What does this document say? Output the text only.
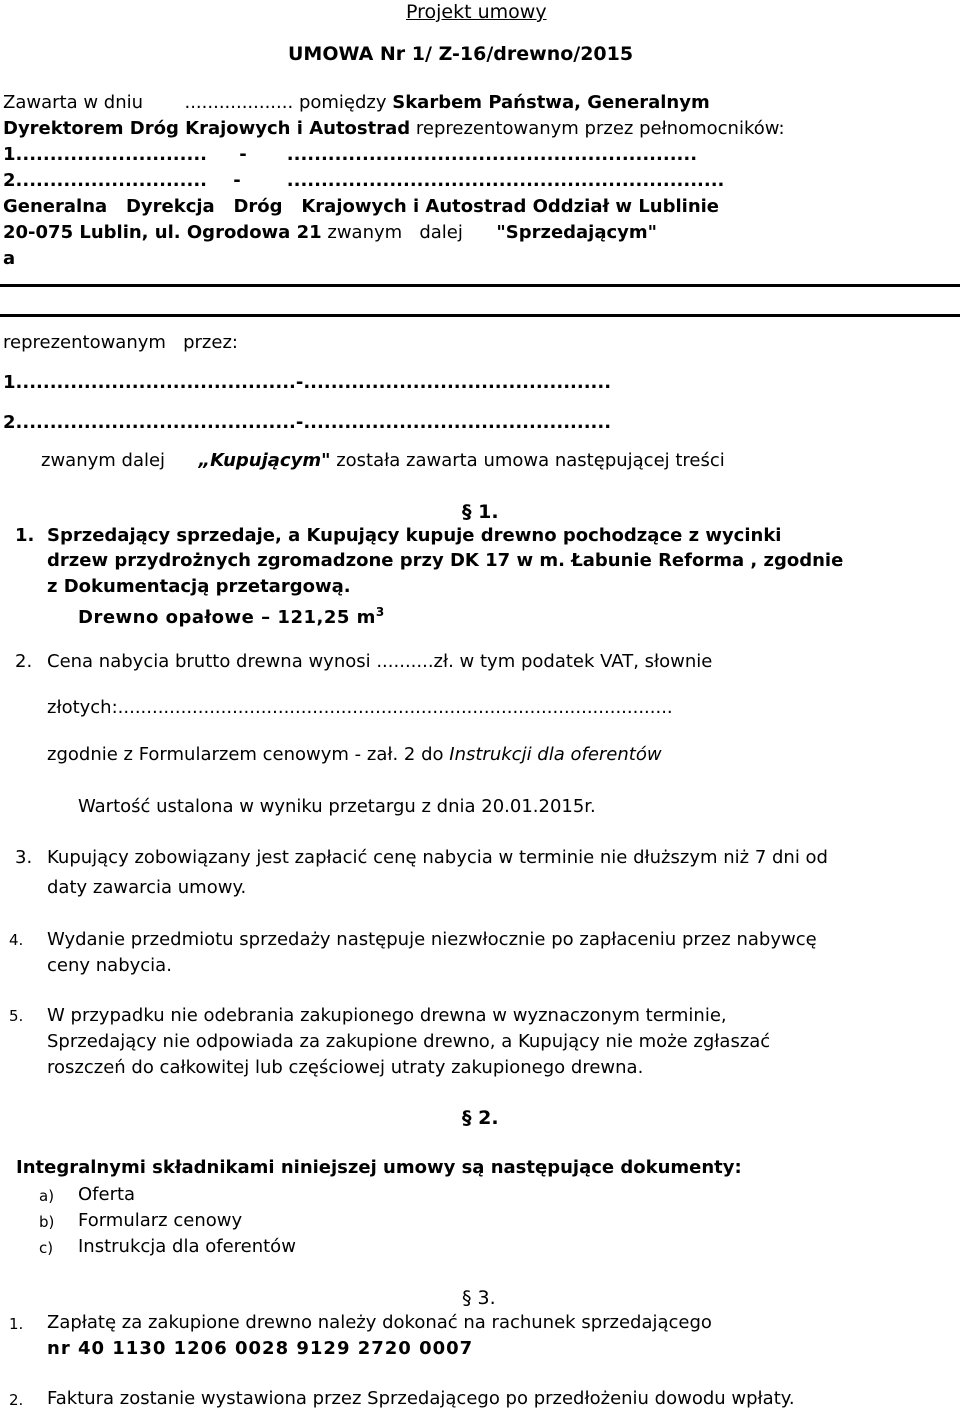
Projekt umowy
UMOWA Nr 1/ Z-16/drewno/2015
Zawarta w dniu ................... pomiędzy Skarbem Państwa, Generalnym
Dyrektorem Dróg Krajowych i Autostrad reprezentowanym przez pełnomocników:
1............................ - ............................................................
2............................ -	................................................................
Generalna   Dyrekcja   Dróg   Krajowych i Autostrad Oddział w Lublinie
20-075 Lublin, ul. Ogrodowa 21 zwanym   dalej "Sprzedającym"
a
reprezentowanym   przez:
1.........................................-.............................................
2.........................................-.............................................
zwanym dalej „Kupującym" została zawarta umowa następującej treści
§ 1.
1. Sprzedający sprzedaje, a Kupujący kupuje drewno pochodzące z wycinki
drzew przydrożnych zgromadzone przy DK 17 w m. Łabunie Reforma , zgodnie
z Dokumentacją przetargową.
Drewno opałowe – 121,25 $m^3$
2. Cena nabycia brutto drewna wynosi ..........zł. w tym podatek VAT, słownie
złotych:.................................................................................................
zgodnie z Formularzem cenowym - zał. 2 do Instrukcji dla oferentów
Wartość ustalona w wyniku przetargu z dnia 20.01.2015r.
3. Kupujący zobowiązany jest zapłacić cenę nabycia w terminie nie dłuższym niż 7 dni od
daty zawarcia umowy.
4. Wydanie przedmiotu sprzedaży następuje niezwłocznie po zapłaceniu przez nabywcę
ceny nabycia.
5. W przypadku nie odebrania zakupionego drewna w wyznaczonym terminie,
Sprzedający nie odpowiada za zakupione drewno, a Kupujący nie może zgłaszać
roszczeń do całkowitej lub częściowej utraty zakupionego drewna.
§ 2.
Integralnymi składnikami niniejszej umowy są następujące dokumenty:
a) Oferta
b) Formularz cenowy
c) Instrukcja dla oferentów
§ 3.
1. Zapłatę za zakupione drewno należy dokonać na rachunek sprzedającego
nr 40 1130 1206 0028 9129 2720 0007
2. Faktura zostanie wystawiona przez Sprzedającego po przedłożeniu dowodu wpłaty.
